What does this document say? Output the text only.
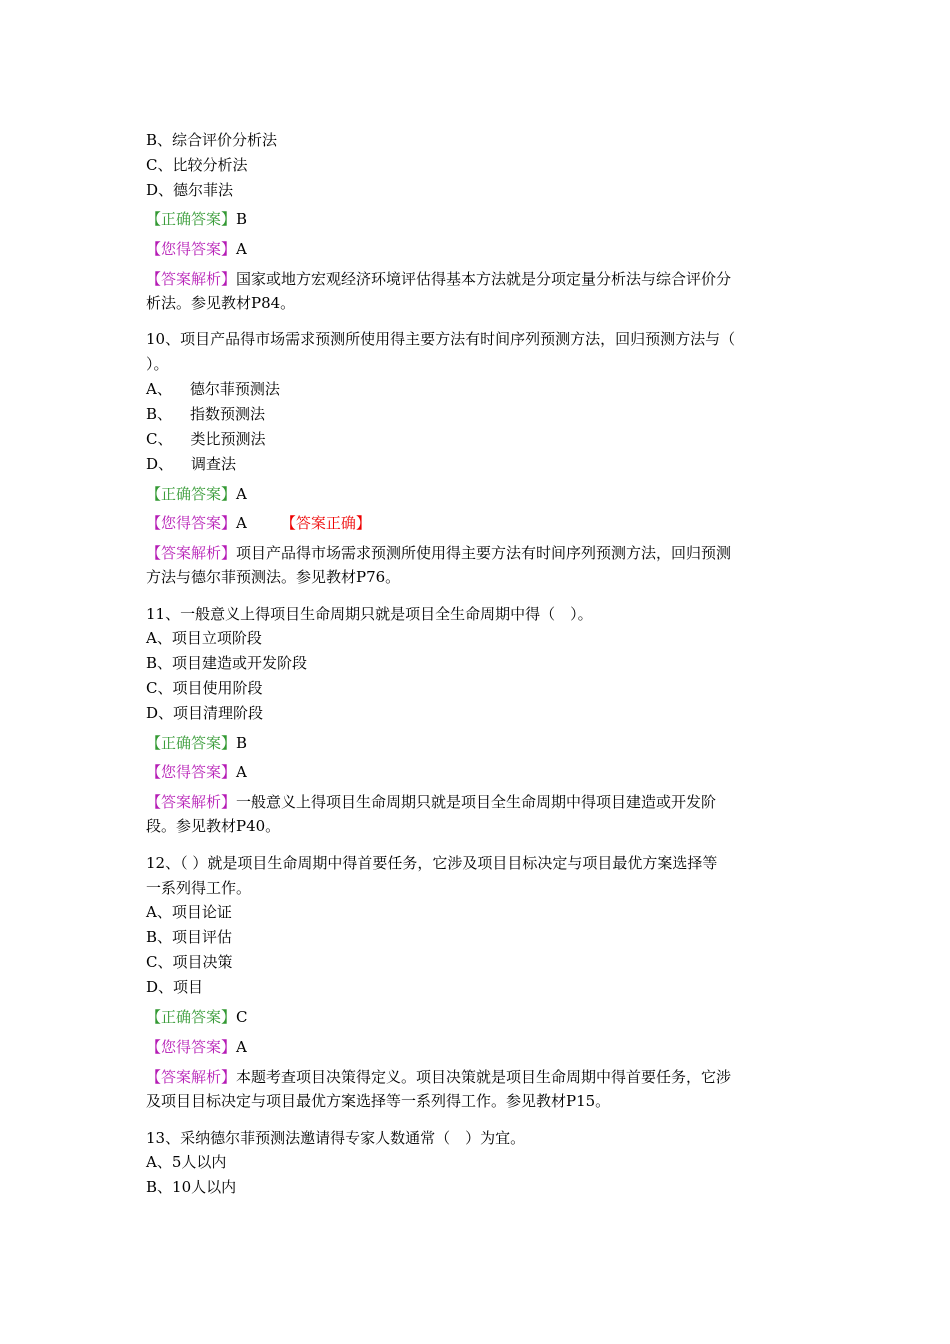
B、综合评价分析法
C、比较分析法
D、德尔菲法
【正确答案】B
【您得答案】A
【答案解析】国家或地方宏观经济环境评估得基本方法就是分项定量分析法与综合评价分
析法。参见教材P84。
10、项目产品得市场需求预测所使用得主要方法有时间序列预测方法，回归预测方法与（
）。
A、 德尔菲预测法
B、 指数预测法
C、 类比预测法
D、 调查法
【正确答案】A
【您得答案】A 【答案正确】
【答案解析】项目产品得市场需求预测所使用得主要方法有时间序列预测方法，回归预测
方法与德尔菲预测法。参见教材P76。
11、一般意义上得项目生命周期只就是项目全生命周期中得（　）。
A、项目立项阶段
B、项目建造或开发阶段
C、项目使用阶段
D、项目清理阶段
【正确答案】B
【您得答案】A
【答案解析】一般意义上得项目生命周期只就是项目全生命周期中得项目建造或开发阶
段。参见教材P40。
12、（ ）就是项目生命周期中得首要任务，它涉及项目目标决定与项目最优方案选择等
一系列得工作。
A、项目论证
B、项目评估
C、项目决策
D、项目
【正确答案】C
【您得答案】A
【答案解析】本题考查项目决策得定义。项目决策就是项目生命周期中得首要任务，它涉
及项目目标决定与项目最优方案选择等一系列得工作。参见教材P15。
13、采纳德尔菲预测法邀请得专家人数通常（　）为宜。
A、5人以内
B、10人以内
